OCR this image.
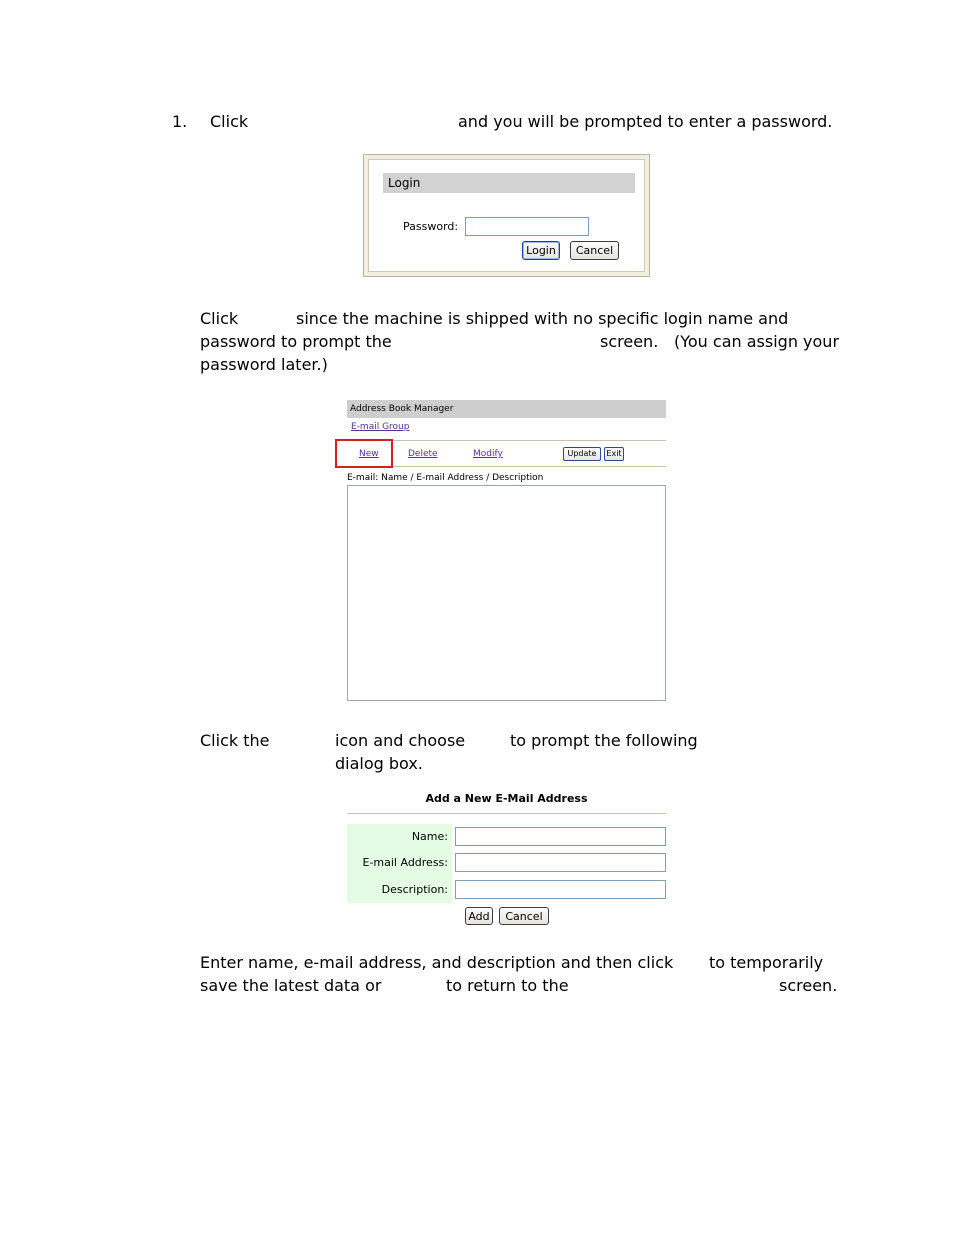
1. Click	and you will be prompted to enter a password.
Login
Password:
Login	Cancel
Click	since the machine is shipped with no specific login name and
password to prompt the	screen. (You can assign your
password later.)
Address Book Manager
E-mail Group
New	Delete	Modify	Update	Exit
E-mail: Name / E-mail Address / Description
Click the	icon and choose	to prompt the following
dialog box.
Add a New E-Mail Address
Name:
E-mail Address:
Description:
Add	Cancel
Enter name, e-mail address, and description and then click to temporarily
save the latest data or	to return to the	screen.
